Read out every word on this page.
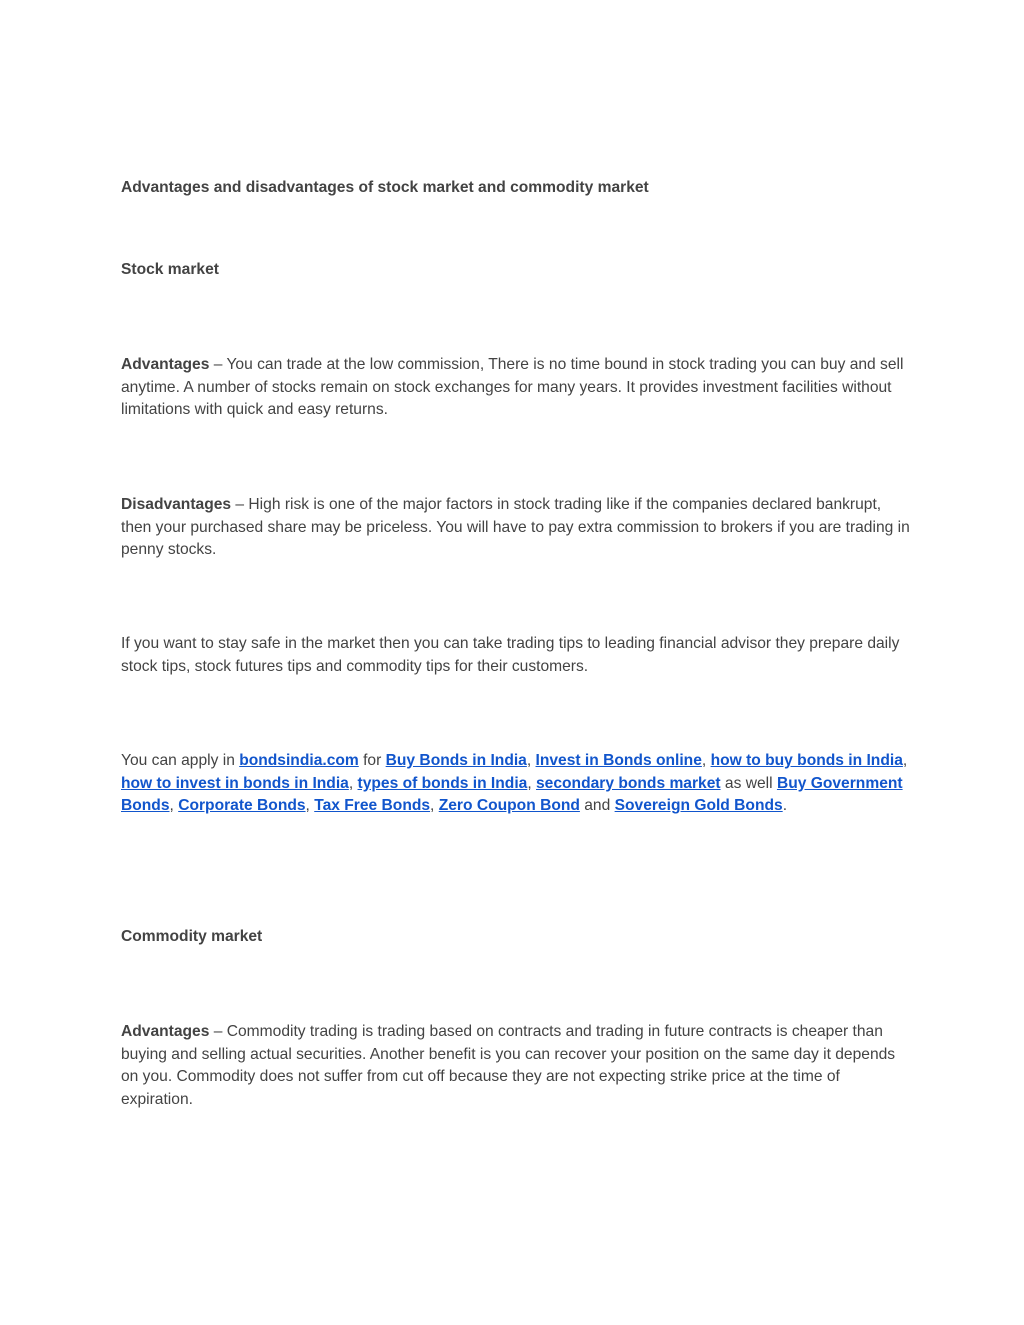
Advantages and disadvantages of stock market and commodity market

Stock market

Advantages – You can trade at the low commission, There is no time bound in stock trading you can buy and sell anytime. A number of stocks remain on stock exchanges for many years. It provides investment facilities without limitations with quick and easy returns.

Disadvantages – High risk is one of the major factors in stock trading like if the companies declared bankrupt, then your purchased share may be priceless. You will have to pay extra commission to brokers if you are trading in penny stocks.

If you want to stay safe in the market then you can take trading tips to leading financial advisor they prepare daily stock tips, stock futures tips and commodity tips for their customers.

You can apply in bondsindia.com for Buy Bonds in India, Invest in Bonds online, how to buy bonds in India, how to invest in bonds in India, types of bonds in India, secondary bonds market as well Buy Government Bonds, Corporate Bonds, Tax Free Bonds, Zero Coupon Bond and Sovereign Gold Bonds.

Commodity market

Advantages – Commodity trading is trading based on contracts and trading in future contracts is cheaper than buying and selling actual securities. Another benefit is you can recover your position on the same day it depends on you. Commodity does not suffer from cut off because they are not expecting strike price at the time of expiration.
